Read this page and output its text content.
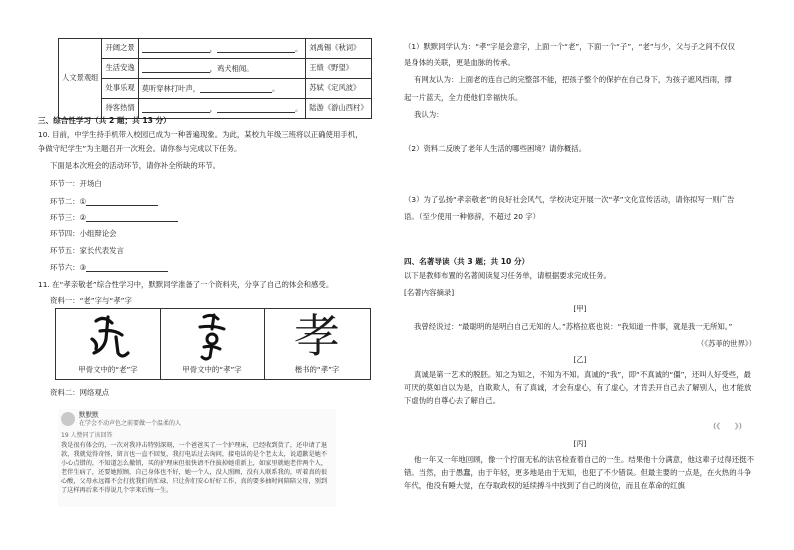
人文景观组	开阔之景	， 。	刘禹锡《秋词》
	生活安逸	，鸡犬相闻。	王绩《野望》
	处事乐观	莫听穿林打叶声， 。	苏轼《定风波》
	待客热情	， 。	陆游《游山西村》
三、综合性学习（共 2 题；共 13 分）
10. 目前，中学生持手机带入校园已成为一种普遍现象。为此，某校九年级三班将以正确使用手机，
争做守纪学生”为主题召开一次班会。请你参与完成以下任务。
下面是本次班会的活动环节，请你补全所缺的环节。
环节一：开场白
环节二：①
环节三：②
环节四：小组辩论会
环节五：家长代表发言
环节六：③
11. 在“孝亲敬老”综合性学习中，默默同学准备了一个资料夹，分享了自己的体会和感受。
资料一：“老”字与“孝”字
甲骨文中的“老”字	甲骨文中的“孝”字
孝
楷书的“孝”字
资料二：网络观点
默默默
在学会不动声色之前要做一个温柔的人
19 人赞同了该回答
我是很有体会的，一次对我冲击特别深刻，一个爸爸买了一个护理床，已经收到货了，还申请了退款，我就觉得奇怪，留言也一直不回复，我打电话过去询问，接电话的是个老太太，说道歉是她不小心点错的，不知道怎么撤销，买的护理床但很快请不住拔掉她重新上，如家里就她老伴两个人，老伴生病了，还要她照顾，自己身体也不好，她一个人，没人照顾，没有人联系我的，听着真的很心酸，父母永远都不会打扰我们的忙碌，只让你们安心好好工作，真的要多抽时间陪陪父母，别到了这样再后来不得说几个字来后悔一生。
（1）默默同学认为：“孝”字是会意字，上面一个“老”，下面一个“子”，“老”与少，父与子之间不仅仅
是身体的关联，更是血脉的传承。
有网友认为：上面老的连自己的完整部不能，把孩子整个的保护在自己身下，为孩子遮风挡雨，撑
起一片蓝天，全力使他们幸福快乐。
我认为：
（2）资料二反映了老年人生活的哪些困境？请你概括。
（3）为了弘扬“孝亲敬老”的良好社会风气，学校决定开展一次“孝”文化宣传活动，请你拟写一则广告
语。（至少使用一种修辞，不超过 20 字）
四、名著导读（共 3 题；共 10 分）
以下是教师布置的名著阅读复习任务单，请根据要求完成任务。
[名著内容摘录]
[甲]
我曾经说过：“最聪明的是明白自己无知的人。”苏格拉底也说：“我知道一件事，就是我一无所知。”
（《苏菲的世界》）
[乙]
真诚是第一艺术的脱胚。知之为知之，不知为不知。真诚的“我”，即“不真诚的“僵”，还叫人好受些，最可厌的莫如自以为是，自欺欺人，有了真诚，才会有虚心，有了虚心，才肯丢开自己去了解别人，也才能放下虚伪的自尊心去了解自己。
（《　　》）
[丙]
他一年又一年地回顾，像一个拧面无私的法官检查着自己的一生。结果他十分满意，他这辈子过得还挺不错。当然，由于愚蠢，由于年轻，更多地是由于无知，也犯了不少错误。但最主要的一点是，在火热的斗争年代，他没有睡大觉，在夺取政权的延续搏斗中找到了自己的岗位，而且在革命的红旗
